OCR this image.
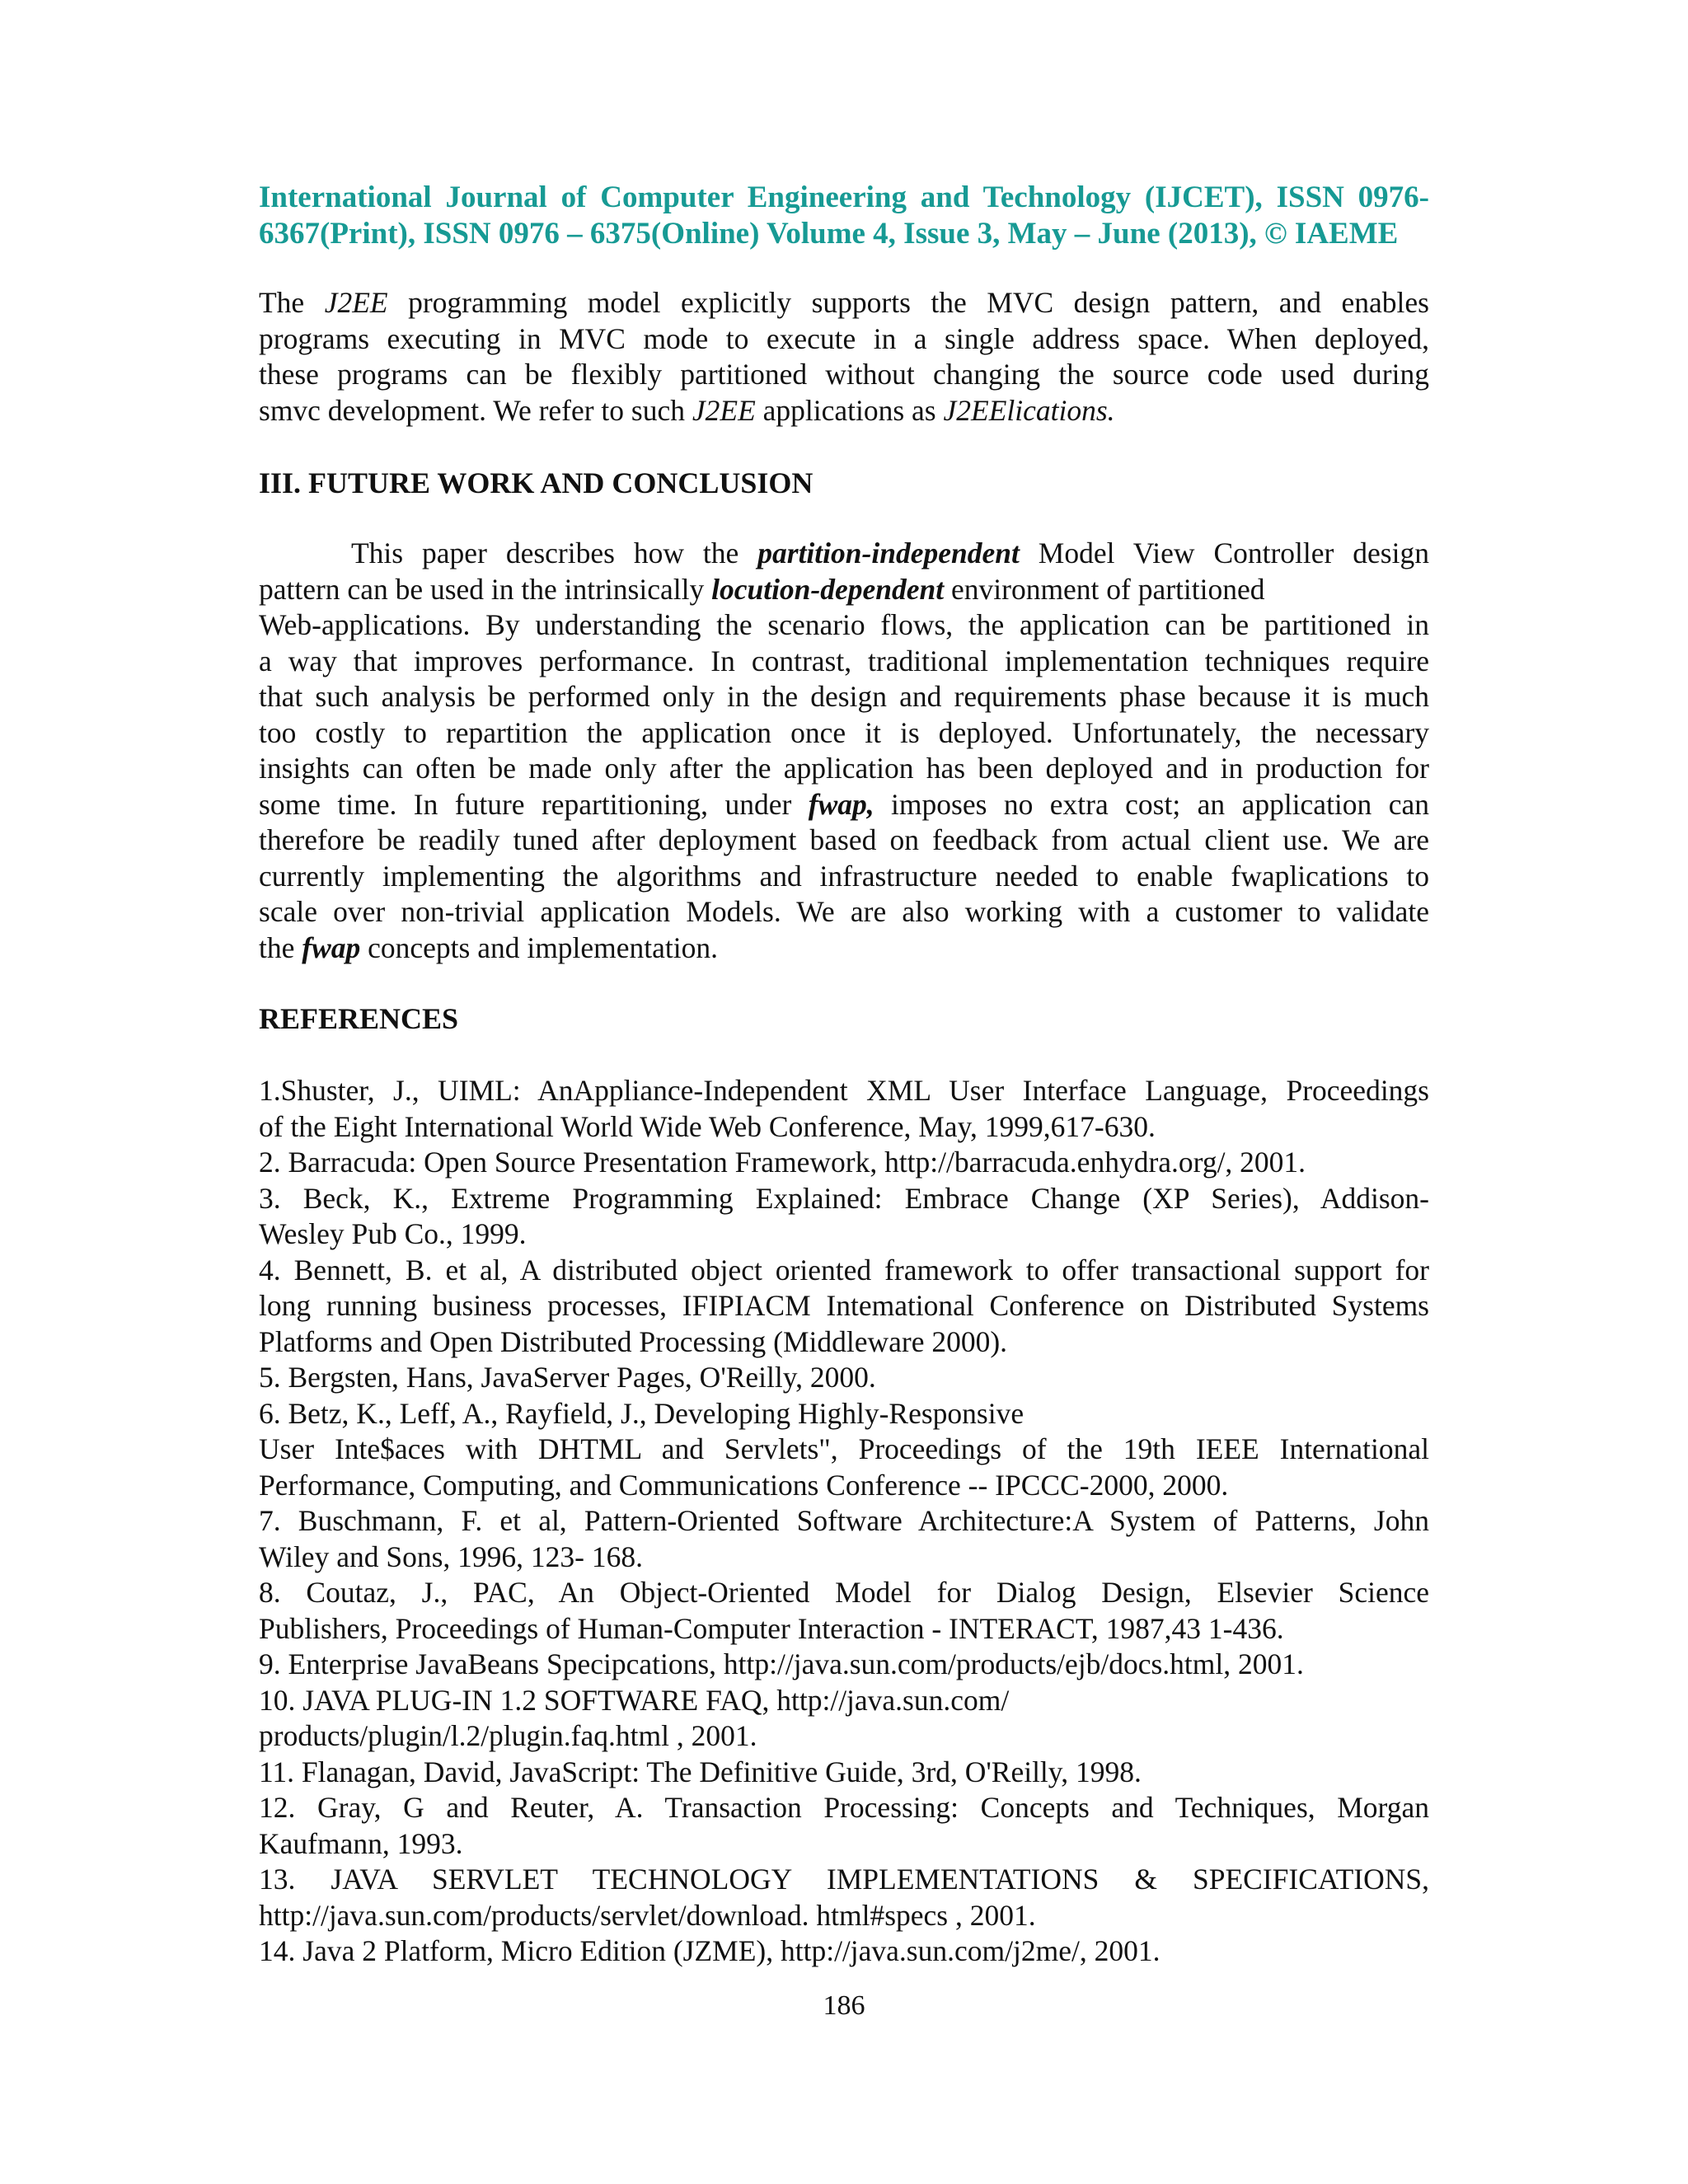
International Journal of Computer Engineering and Technology (IJCET), ISSN 0976-
6367(Print), ISSN 0976 – 6375(Online) Volume 4, Issue 3, May – June (2013), © IAEME
The J2EE programming model explicitly supports the MVC design pattern, and enables
programs executing in MVC mode to execute in a single address space. When deployed,
these programs can be flexibly partitioned without changing the source code used during
smvc development. We refer to such J2EE applications as J2EElications.
III. FUTURE WORK AND CONCLUSION
This paper describes how the partition-independent Model View Controller design
pattern can be used in the intrinsically locution-dependent environment of partitioned
Web-applications. By understanding the scenario flows, the application can be partitioned in
a way that improves performance. In contrast, traditional implementation techniques require
that such analysis be performed only in the design and requirements phase because it is much
too costly to repartition the application once it is deployed. Unfortunately, the necessary
insights can often be made only after the application has been deployed and in production for
some time. In future repartitioning, under fwap, imposes no extra cost; an application can
therefore be readily tuned after deployment based on feedback from actual client use. We are
currently implementing the algorithms and infrastructure needed to enable fwaplications to
scale over non-trivial application Models. We are also working with a customer to validate
the fwap concepts and implementation.
REFERENCES
1.Shuster, J., UIML: AnAppliance-Independent XML User Interface Language, Proceedings
of the Eight International World Wide Web Conference, May, 1999,617-630.
2. Barracuda: Open Source Presentation Framework, http://barracuda.enhydra.org/, 2001.
3. Beck, K., Extreme Programming Explained: Embrace Change (XP Series), Addison-
Wesley Pub Co., 1999.
4. Bennett, B. et al, A distributed object oriented framework to offer transactional support for
long running business processes, IFIPIACM Intemational Conference on Distributed Systems
Platforms and Open Distributed Processing (Middleware 2000).
5. Bergsten, Hans, JavaServer Pages, O'Reilly, 2000.
6. Betz, K., Leff, A., Rayfield, J., Developing Highly-Responsive
User Inte$aces with DHTML and Servlets", Proceedings of the 19th IEEE International
Performance, Computing, and Communications Conference -- IPCCC-2000, 2000.
7. Buschmann, F. et al, Pattern-Oriented Software Architecture:A System of Patterns, John
Wiley and Sons, 1996, 123- 168.
8. Coutaz, J., PAC, An Object-Oriented Model for Dialog Design, Elsevier Science
Publishers, Proceedings of Human-Computer Interaction - INTERACT, 1987,43 1-436.
9. Enterprise JavaBeans Specipcations, http://java.sun.com/products/ejb/docs.html, 2001.
10. JAVA PLUG-IN 1.2 SOFTWARE FAQ, http://java.sun.com/
products/plugin/l.2/plugin.faq.html , 2001.
11. Flanagan, David, JavaScript: The Definitive Guide, 3rd, O'Reilly, 1998.
12. Gray, G and Reuter, A. Transaction Processing: Concepts and Techniques, Morgan
Kaufmann, 1993.
13. JAVA SERVLET TECHNOLOGY IMPLEMENTATIONS & SPECIFICATIONS,
http://java.sun.com/products/servlet/download. html#specs , 2001.
14. Java 2 Platform, Micro Edition (JZME), http://java.sun.com/j2me/, 2001.
186
